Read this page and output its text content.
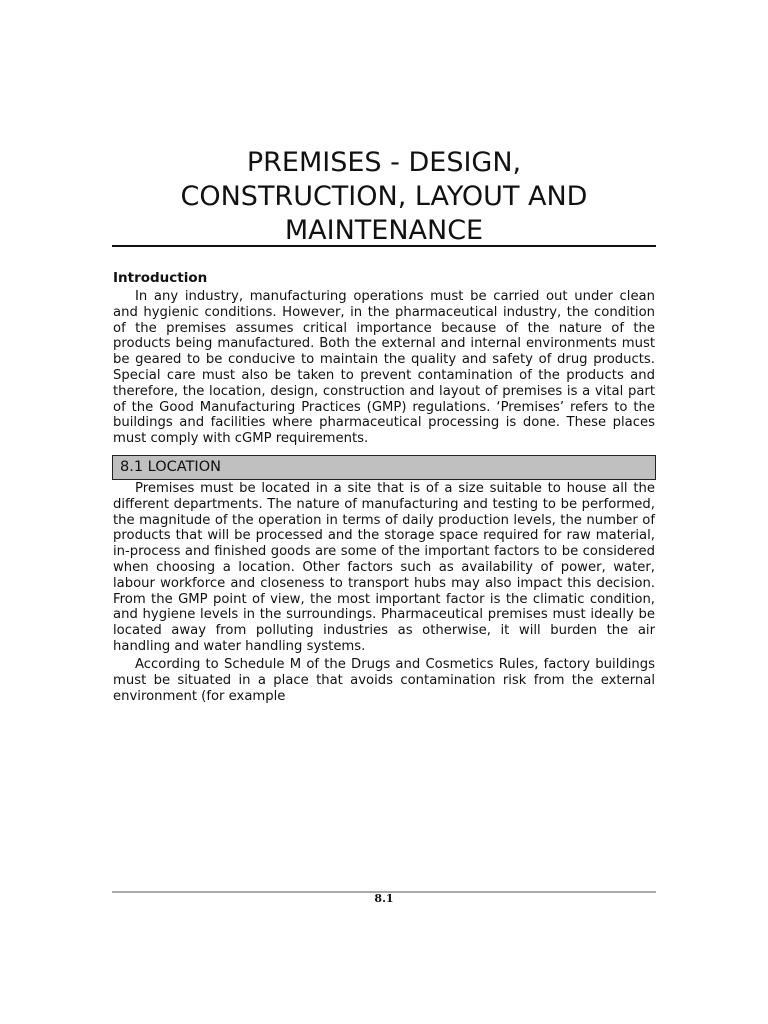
PREMISES - DESIGN,
CONSTRUCTION, LAYOUT AND
MAINTENANCE
Introduction

In any industry, manufacturing operations must be carried out under clean and hygienic conditions. However, in the pharmaceutical industry, the condition of the premises assumes critical importance because of the nature of the products being manufactured. Both the external and internal environments must be geared to be conducive to maintain the quality and safety of drug products. Special care must also be taken to prevent contamination of the products and therefore, the location, design, construction and layout of premises is a vital part of the Good Manufacturing Practices (GMP) regulations. ‘Premises’ refers to the buildings and facilities where pharmaceutical processing is done. These places must comply with cGMP requirements.

8.1 LOCATION

Premises must be located in a site that is of a size suitable to house all the different departments. The nature of manufacturing and testing to be performed, the magnitude of the operation in terms of daily production levels, the number of products that will be processed and the storage space required for raw material, in-process and finished goods are some of the important factors to be considered when choosing a location. Other factors such as availability of power, water, labour workforce and closeness to transport hubs may also impact this decision. From the GMP point of view, the most important factor is the climatic condition, and hygiene levels in the surroundings. Pharmaceutical premises must ideally be located away from polluting industries as otherwise, it will burden the air handling and water handling systems.

According to Schedule M of the Drugs and Cosmetics Rules, factory buildings must be situated in a place that avoids contamination risk from the external environment (for example

8.1
